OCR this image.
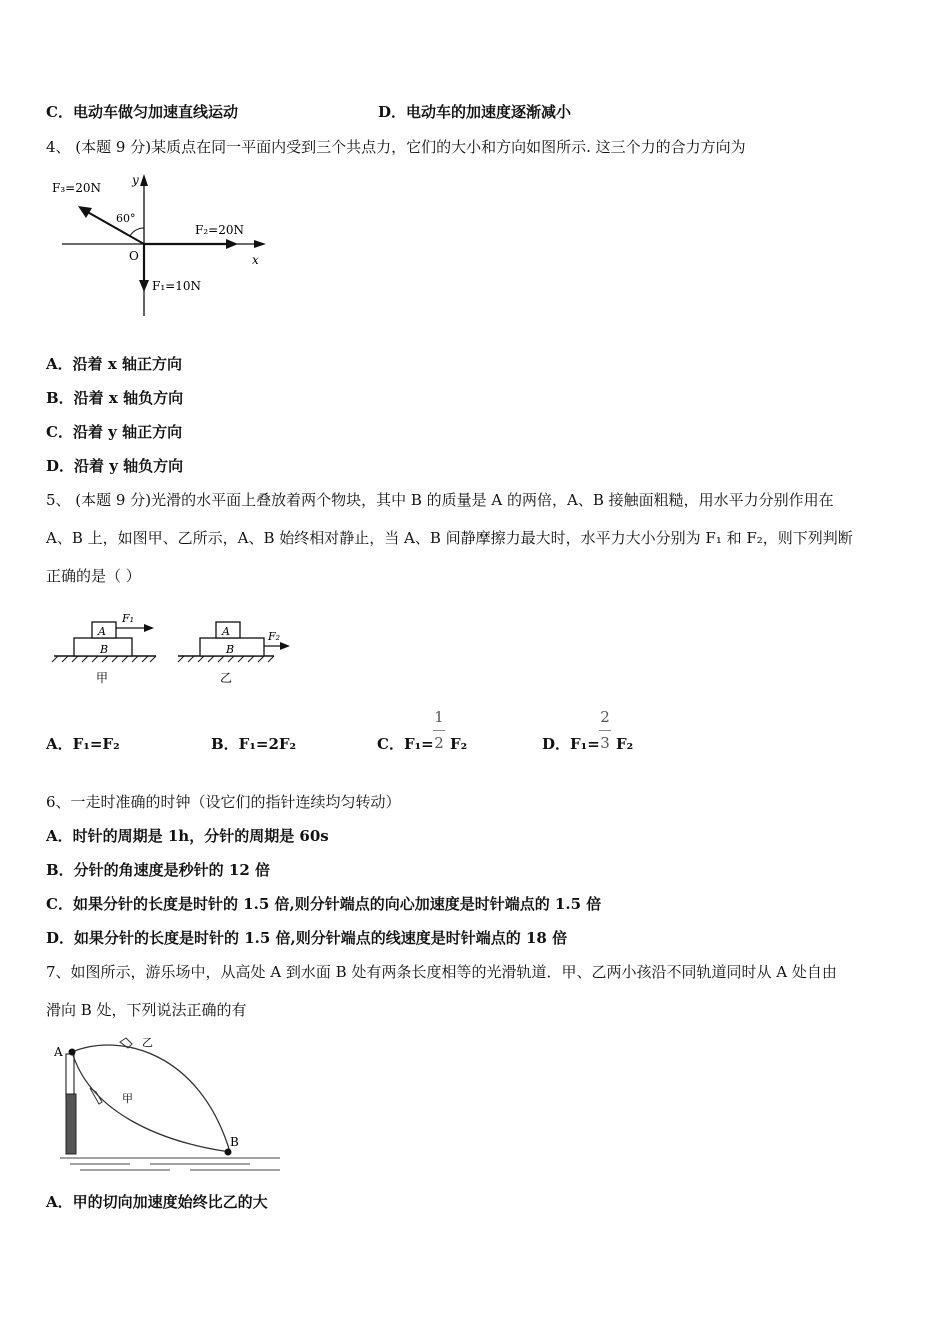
C．电动车做匀加速直线运动	D．电动车的加速度逐渐减小
4、 (本题 9 分)某质点在同一平面内受到三个共点力，它们的大小和方向如图所示. 这三个力的合力方向为
F₃=20N
F₂=20N
F₁=10N
60°
O	x
y
A．沿着 x 轴正方向
B．沿着 x 轴负方向
C．沿着 y 轴正方向
D．沿着 y 轴负方向
5、 (本题 9 分)光滑的水平面上叠放着两个物块，其中 B 的质量是 A 的两倍，A、B 接触面粗糙，用水平力分别作用在
A、B 上，如图甲、乙所示，A、B 始终相对静止，当 A、B 间静摩擦力最大时，水平力大小分别为 F₁ 和 F₂，则下列判断
正确的是（ ）
A
B
F₁
甲
A
B
F₂
乙
A．F₁=F₂	B．F₁=2F₂	C．F₁=
1
2 F₂	D．F₁=
2
3 F₂
6、一走时准确的时钟（设它们的指针连续均匀转动）
A．时针的周期是 1h，分针的周期是 60s
B．分针的角速度是秒针的 12 倍
C．如果分针的长度是时针的 1.5 倍,则分针端点的向心加速度是时针端点的 1.5 倍
D．如果分针的长度是时针的 1.5 倍,则分针端点的线速度是时针端点的 18 倍
7、如图所示，游乐场中，从高处 A 到水面 B 处有两条长度相等的光滑轨道．甲、乙两小孩沿不同轨道同时从 A 处自由
滑向 B 处，下列说法正确的有
A
B
乙
甲
A．甲的切向加速度始终比乙的大
